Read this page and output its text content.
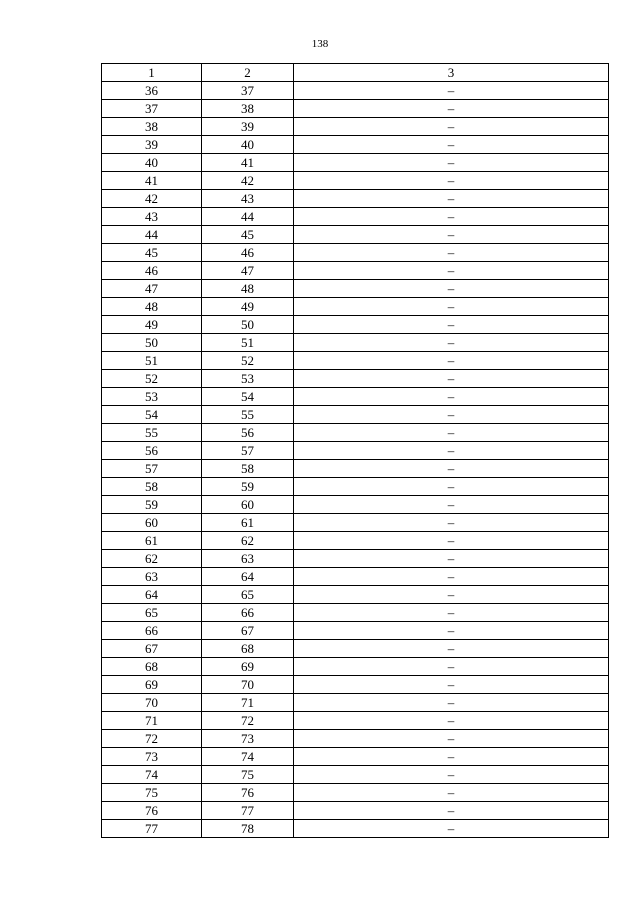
138
1	2	3
36	37	–
37	38	–
38	39	–
39	40	–
40	41	–
41	42	–
42	43	–
43	44	–
44	45	–
45	46	–
46	47	–
47	48	–
48	49	–
49	50	–
50	51	–
51	52	–
52	53	–
53	54	–
54	55	–
55	56	–
56	57	–
57	58	–
58	59	–
59	60	–
60	61	–
61	62	–
62	63	–
63	64	–
64	65	–
65	66	–
66	67	–
67	68	–
68	69	–
69	70	–
70	71	–
71	72	–
72	73	–
73	74	–
74	75	–
75	76	–
76	77	–
77	78	–
